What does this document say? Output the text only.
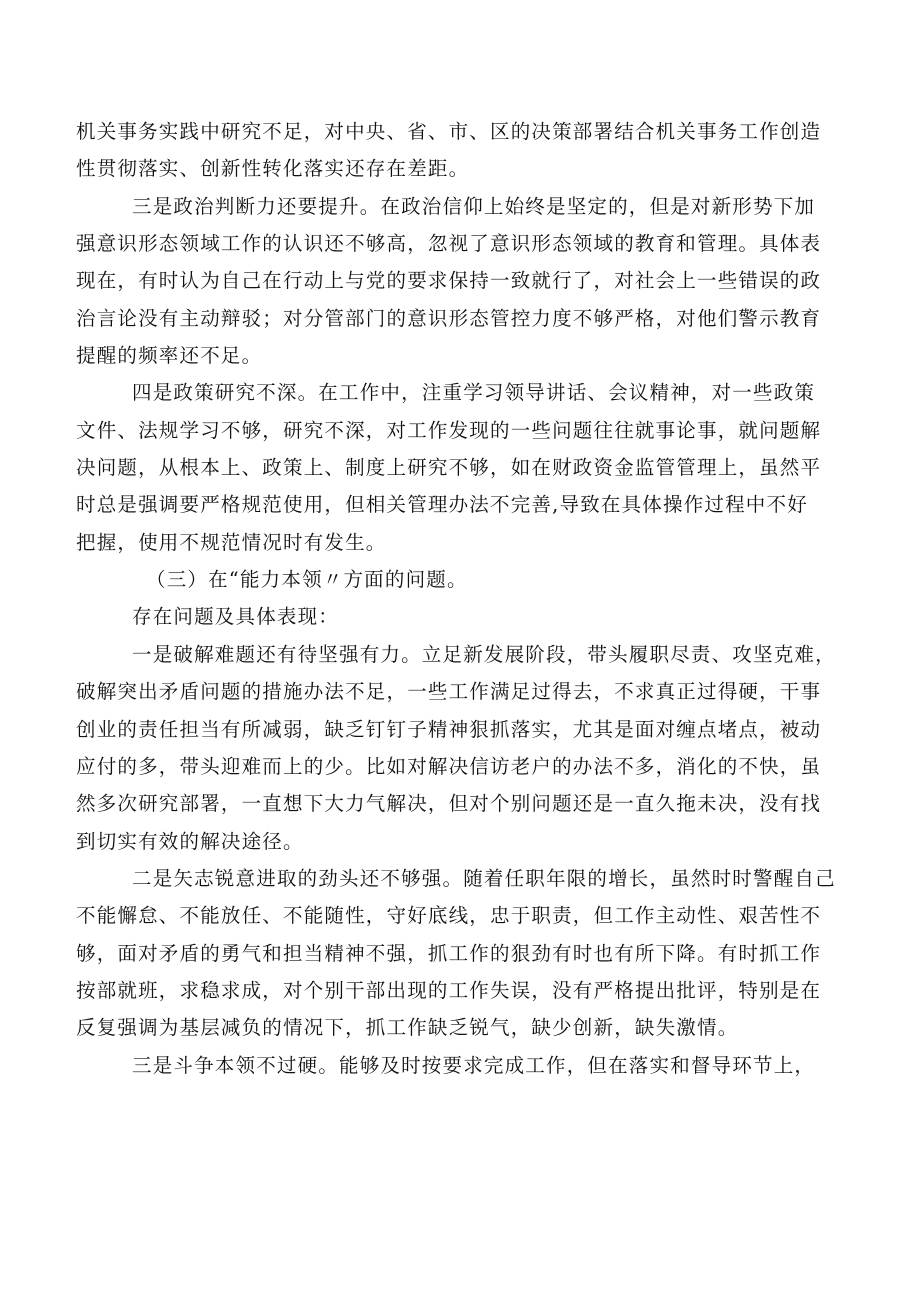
机关事务实践中研究不足，对中央、省、市、区的决策部署结合机关事务工作创造
性贯彻落实、创新性转化落实还存在差距。
三是政治判断力还要提升。在政治信仰上始终是坚定的，但是对新形势下加
强意识形态领域工作的认识还不够高，忽视了意识形态领域的教育和管理。具体表
现在，有时认为自己在行动上与党的要求保持一致就行了，对社会上一些错误的政
治言论没有主动辩驳；对分管部门的意识形态管控力度不够严格，对他们警示教育
提醒的频率还不足。
四是政策研究不深。在工作中，注重学习领导讲话、会议精神，对一些政策
文件、法规学习不够，研究不深，对工作发现的一些问题往往就事论事，就问题解
决问题，从根本上、政策上、制度上研究不够，如在财政资金监管管理上，虽然平
时总是强调要严格规范使用，但相关管理办法不完善,导致在具体操作过程中不好
把握，使用不规范情况时有发生。
（三）在“能力本领〃方面的问题。
存在问题及具体表现：
一是破解难题还有待坚强有力。立足新发展阶段，带头履职尽责、攻坚克难，
破解突出矛盾问题的措施办法不足，一些工作满足过得去，不求真正过得硬，干事
创业的责任担当有所减弱，缺乏钉钉子精神狠抓落实，尤其是面对缠点堵点，被动
应付的多，带头迎难而上的少。比如对解决信访老户的办法不多，消化的不快，虽
然多次研究部署，一直想下大力气解决，但对个别问题还是一直久拖未决，没有找
到切实有效的解决途径。
二是矢志锐意进取的劲头还不够强。随着任职年限的增长，虽然时时警醒自己
不能懈怠、不能放任、不能随性，守好底线，忠于职责，但工作主动性、艰苦性不
够，面对矛盾的勇气和担当精神不强，抓工作的狠劲有时也有所下降。有时抓工作
按部就班，求稳求成，对个别干部出现的工作失误，没有严格提出批评，特别是在
反复强调为基层减负的情况下，抓工作缺乏锐气，缺少创新，缺失激情。
三是斗争本领不过硬。能够及时按要求完成工作，但在落实和督导环节上，
